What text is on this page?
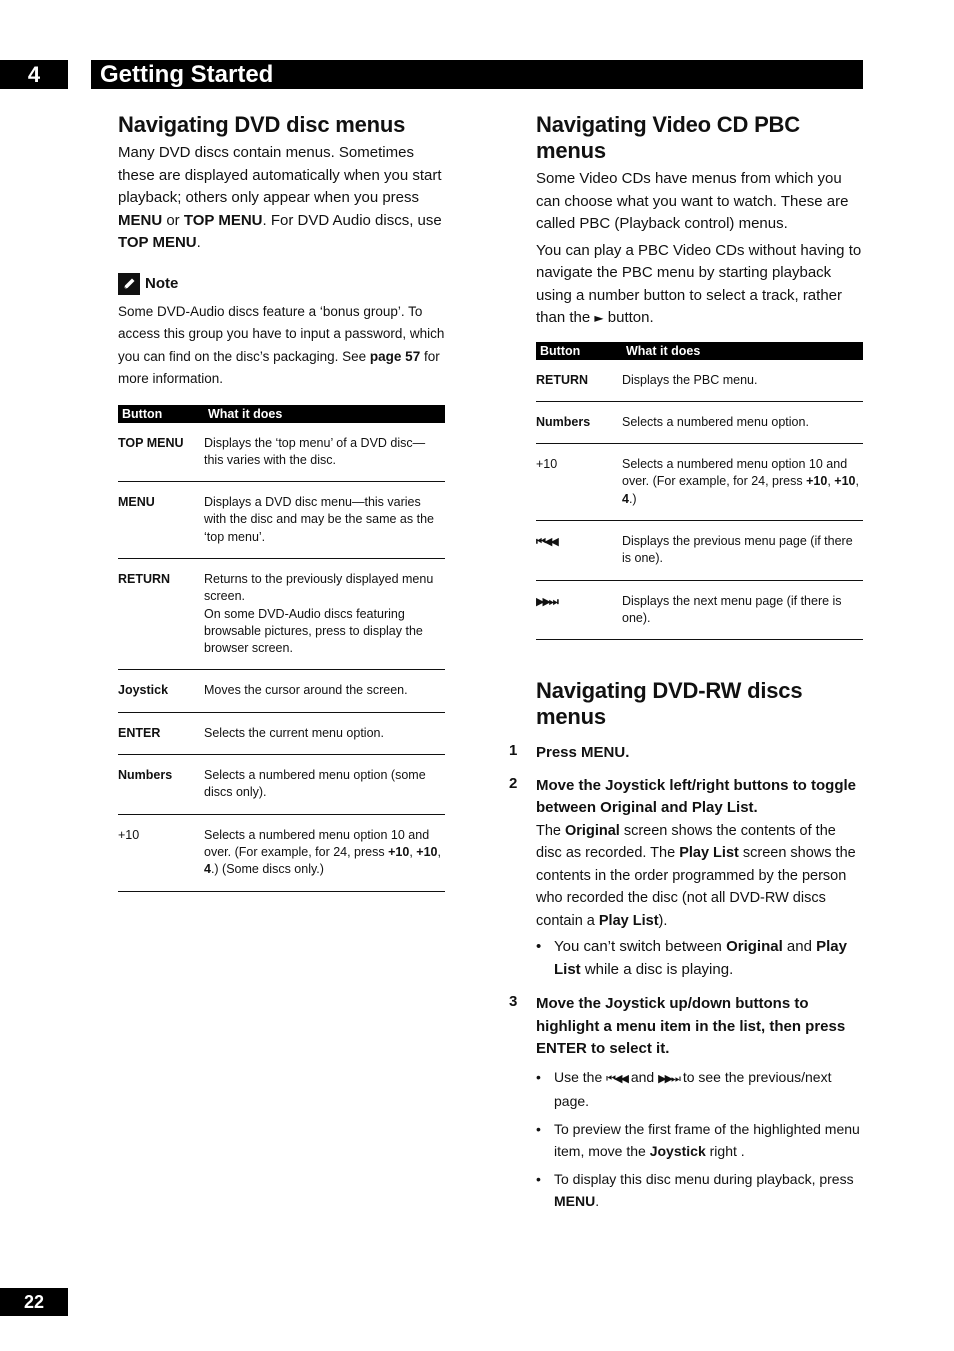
4	Getting Started
Navigating DVD disc menus

Many DVD discs contain menus. Sometimes these are displayed automatically when you start playback; others only appear when you press MENU or TOP MENU. For DVD Audio discs, use TOP MENU.

Note

Some DVD-Audio discs feature a ‘bonus group’. To access this group you have to input a password, which you can find on the disc’s packaging. See page 57 for more information.

Button	What it does
TOP MENU	Displays the ‘top menu’ of a DVD disc—this varies with the disc.
MENU	Displays a DVD disc menu—this varies with the disc and may be the same as the ‘top menu’.
RETURN	Returns to the previously displayed menu screen.
On some DVD-Audio discs featuring browsable pictures, press to display the browser screen.
Joystick	Moves the cursor around the screen.
ENTER	Selects the current menu option.
Numbers	Selects a numbered menu option (some discs only).
+10	Selects a numbered menu option 10 and over. (For example, for 24, press +10, +10, 4.) (Some discs only.)
Navigating Video CD PBC menus

Some Video CDs have menus from which you can choose what you want to watch. These are called PBC (Playback control) menus.

You can play a PBC Video CDs without having to navigate the PBC menu by starting playback using a number button to select a track, rather than the ► button.

Button	What it does
RETURN	Displays the PBC menu.
Numbers	Selects a numbered menu option.
+10	Selects a numbered menu option 10 and over. (For example, for 24, press +10, +10, 4.)
⏮◀◀	Displays the previous menu page (if there is one).
▶▶⏭	Displays the next menu page (if there is one).
Navigating DVD-RW discs menus
1 Press MENU.
2 Move the Joystick left/right buttons to toggle between Original and Play List.

The Original screen shows the contents of the disc as recorded. The Play List screen shows the contents in the order programmed by the person who recorded the disc (not all DVD-RW discs contain a Play List).

• You can’t switch between Original and Play List while a disc is playing.
3 Move the Joystick up/down buttons to highlight a menu item in the list, then press ENTER to select it.
• Use the ⏮◀◀ and ▶▶⏭ to see the previous/next page.
• To preview the first frame of the highlighted menu item, move the Joystick right .
• To display this disc menu during playback, press MENU.
22
